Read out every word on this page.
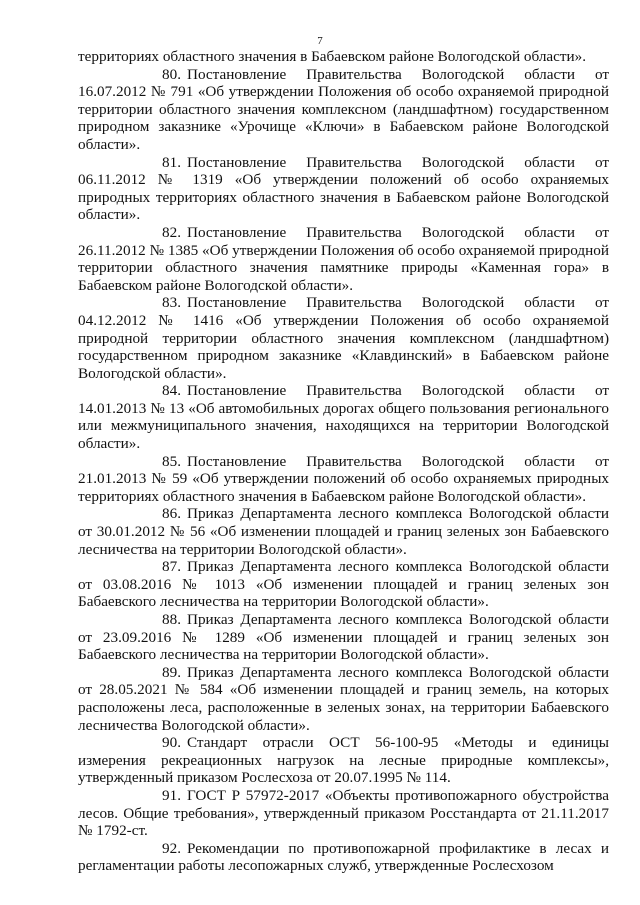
7

территориях областного значения в Бабаевском районе Вологодской области».

80. Постановление Правительства Вологодской области от 16.07.2012 № 791 «Об утверждении Положения об особо охраняемой природной территории областного значения комплексном (ландшафтном) государственном природном заказнике «Урочище «Ключи» в Бабаевском районе Вологодской области».

81. Постановление Правительства Вологодской области от 06.11.2012 № 1319 «Об утверждении положений об особо охраняемых природных территориях областного значения в Бабаевском районе Вологодской области».

82. Постановление Правительства Вологодской области от 26.11.2012 № 1385 «Об утверждении Положения об особо охраняемой природной территории областного значения памятнике природы «Каменная гора» в Бабаевском районе Вологодской области».

83. Постановление Правительства Вологодской области от 04.12.2012 № 1416 «Об утверждении Положения об особо охраняемой природной территории областного значения комплексном (ландшафтном) государственном природном заказнике «Клавдинский» в Бабаевском районе Вологодской области».

84. Постановление Правительства Вологодской области от 14.01.2013 № 13 «Об автомобильных дорогах общего пользования регионального или межмуниципального значения, находящихся на территории Вологодской области».

85. Постановление Правительства Вологодской области от 21.01.2013 № 59 «Об утверждении положений об особо охраняемых природных территориях областного значения в Бабаевском районе Вологодской области».

86. Приказ Департамента лесного комплекса Вологодской области от 30.01.2012 № 56 «Об изменении площадей и границ зеленых зон Бабаевского лесничества на территории Вологодской области».

87. Приказ Департамента лесного комплекса Вологодской области от 03.08.2016 № 1013 «Об изменении площадей и границ зеленых зон Бабаевского лесничества на территории Вологодской области».

88. Приказ Департамента лесного комплекса Вологодской области от 23.09.2016 № 1289 «Об изменении площадей и границ зеленых зон Бабаевского лесничества на территории Вологодской области».

89. Приказ Департамента лесного комплекса Вологодской области от 28.05.2021 № 584 «Об изменении площадей и границ земель, на которых расположены леса, расположенные в зеленых зонах, на территории Бабаевского лесничества Вологодской области».

90. Стандарт отрасли ОСТ 56-100-95 «Методы и единицы измерения рекреационных нагрузок на лесные природные комплексы», утвержденный приказом Рослесхоза от 20.07.1995 № 114.

91. ГОСТ Р 57972-2017 «Объекты противопожарного обустройства лесов. Общие требования», утвержденный приказом Росстандарта от 21.11.2017 № 1792-ст.

92. Рекомендации по противопожарной профилактике в лесах и регламентации работы лесопожарных служб, утвержденные Рослесхозом
